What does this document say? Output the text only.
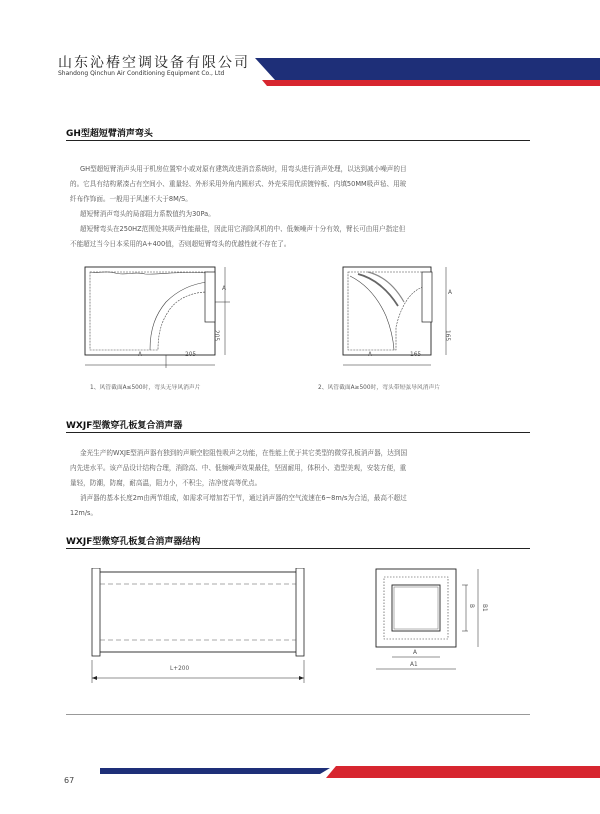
山东沁椿空调设备有限公司
Shandong Qinchun Air Conditioning Equipment Co., Ltd
GH型超短臂消声弯头
GH型超短臂消声头用于机房位置窄小或对原有建筑改进消音系统时，用弯头进行消声处理，以达到减小噪声的目
的。它具有结构紧凑占有空间小、重量轻、外形采用外角内圆形式、外壳采用优质镀锌板、内填50MM吸声毡、用玻
纤布作饰面。一般用于风速不大于8M/S。
超短臂消声弯头的局部阻力系数值约为30Pa。
超短臂弯头在250HZ范围处其吸声性能最佳，因此用它消除风机的中、低频噪声十分有效，臂长可由用户指定但
不能超过当今日本采用的A+400值，否则超短臂弯头的优越性就不存在了。
A
205
A	205
A
165
A	165
1、风管截面A≤500时，弯头无导风消声片	2、风管截面A≥500时，弯头带短弦导风消声片
WXJF型微穿孔板复合消声器
金光生产的WXJE型消声器有独到的声顺空腔阻性吸声之功能，在性能上优于其它类型的微穿孔板消声器，达到国
内先进水平。该产品设计结构合理，消除高、中、低频噪声效果最佳，坚固耐用，体积小、造型美观，安装方便，重
量轻，防潮，防腐，耐高温，阻力小，不积尘，洁净度高等优点。
消声器的基本长度2m由两节组成，如需求可增加若干节，通过消声器的空气流速在6~8m/s为合适，最高不超过
12m/s。
WXJF型微穿孔板复合消声器结构
L+200
B B1
A
A1
67
